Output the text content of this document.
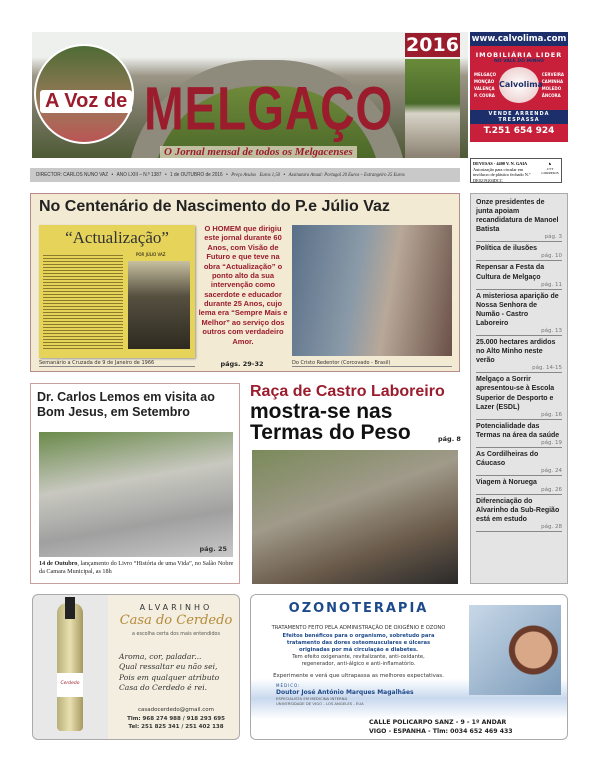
A Voz de MELGAÇO
O Jornal mensal de todos os Melgacenses
2016 www.calvolima.com
IMOBILIÁRIA LIDER
NO VALE DO MINHO
Calvolima
MELGAÇO
MONÇÃO
VALENÇA
P. COURA
CERVEIRA
CAMINHA
MOLEDO
ÂNCORA
VENDE ARRENDA TRESPASSA
T.251 654 924
DIRECTOR: CARLOS NUNO VAZ • ANO LXIII – N.º 1387 • 1 de OUTUBRO de 2016 • Preço Avulso Euros 1,50 • Assinatura Anual: Portugal 20 Euros – Estrangeiro 25 Euros
DEVESAS - 4400 V. N. GAIA
Autorização para circular em invólucro de plástico fechado N.º DE0219204DCC
♞
CTT CORREIOS
No Centenário de Nascimento do P.e Júlio Vaz
“Actualização”
POR JÚLIO VAZ
Semanário a Cruzada de 9 de Janeiro de 1966
O HOMEM que dirigiu este jornal durante 60 Anos, com Visão de Futuro e que teve na obra “Actualização” o ponto alto da sua intervenção como sacerdote e educador durante 25 Anos, cujo lema era “Sempre Mais e Melhor” ao serviço dos outros com verdadeiro Amor.
págs. 29-32	Do Cristo Redentor (Corcovado - Brasil)
Onze presidentes de junta apoiam recandidatura de Manoel Batista
pág. 3
Política de ilusões
pág. 10
Repensar a Festa da Cultura de Melgaço
pág. 11
A misteriosa aparição de Nossa Senhora de Numão - Castro Laboreiro
pág. 13
25.000 hectares ardidos no Alto Minho neste verão
pág. 14-15
Melgaço a Sorrir apresentou-se à Escola Superior de Desporto e Lazer (ESDL)
pág. 16
Potencialidade das Termas na área da saúde
pág. 19
As Cordilheiras do Cáucaso
pág. 24
Viagem à Noruega
pág. 26
Diferenciação do Alvarinho da Sub-Região está em estudo
pág. 28
Dr. Carlos Lemos em visita ao Bom Jesus, em Setembro
pág. 25
14 de Outubro, lançamento do Livro “História de uma Vida”, no Salão Nobre da Camara Municipal, as 18h
Raça de Castro Laboreiro
mostra-se nas Termas do Peso	pág. 8
Cerdedo
ALVARINHO
Casa do Cerdedo
a escolha certa dos mais entendidos
Aroma, cor, paladar...
Qual ressaltar eu não sei,
Pois em qualquer atributo
Casa do Cerdedo é rei.
casadocerdedo@gmail.com
Tlm: 968 274 988 / 918 293 695
Tel: 251 825 341 / 251 402 138
OZONOTERAPIA
TRATAMENTO FEITO PELA ADMINISTRAÇÃO DE OXIGÉNIO E OZONO
Efeitos benéficos para o organismo, sobretudo para tratamento das dores osteomusculares e úlceras originadas por má circulação e diabetes.
Tem efeito oxigenante, revitalizante, anti-oxidante, regenerador, anti-álgico e anti-inflamatório.
Experimente e verá que ultrapassa as melhores expectativas.
MÉDICO:
Doutor José António Marques Magalhães
ESPECIALISTA EM MEDICINA INTERNA
UNIVERSIDADE DE VIGO - LOS ANGELES - EUA
CALLE POLICARPO SANZ - 9 - 1º ANDAR
VIGO - ESPANHA - Tlm: 0034 652 469 433
